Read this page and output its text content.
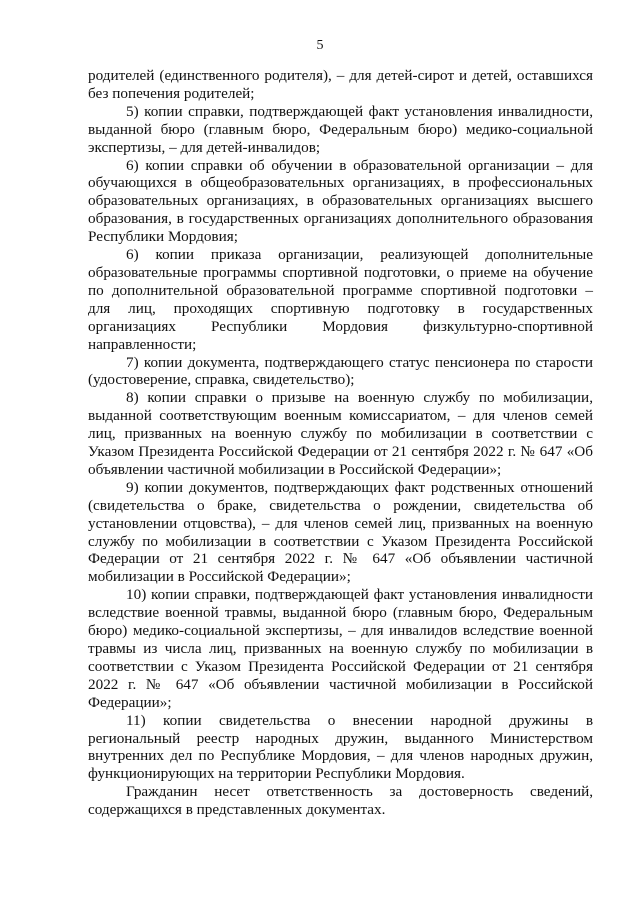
5

родителей (единственного родителя), – для детей-сирот и детей, оставшихся без попечения родителей;

5) копии справки, подтверждающей факт установления инвалидности, выданной бюро (главным бюро, Федеральным бюро) медико-социальной экспертизы, – для детей-инвалидов;

6) копии справки об обучении в образовательной организации – для обучающихся в общеобразовательных организациях, в профессиональных образовательных организациях, в образовательных организациях высшего образования, в государственных организациях дополнительного образования Республики Мордовия;

6) копии приказа организации, реализующей дополнительные образовательные программы спортивной подготовки, о приеме на обучение по дополнительной образовательной программе спортивной подготовки – для лиц, проходящих спортивную подготовку в государственных организациях Республики Мордовия физкультурно-спортивной направленности;

7) копии документа, подтверждающего статус пенсионера по старости (удостоверение, справка, свидетельство);

8) копии справки о призыве на военную службу по мобилизации, выданной соответствующим военным комиссариатом, – для членов семей лиц, призванных на военную службу по мобилизации в соответствии с Указом Президента Российской Федерации от 21 сентября 2022 г. № 647 «Об объявлении частичной мобилизации в Российской Федерации»;

9) копии документов, подтверждающих факт родственных отношений (свидетельства о браке, свидетельства о рождении, свидетельства об установлении отцовства), – для членов семей лиц, призванных на военную службу по мобилизации в соответствии с Указом Президента Российской Федерации от 21 сентября 2022 г. № 647 «Об объявлении частичной мобилизации в Российской Федерации»;

10) копии справки, подтверждающей факт установления инвалидности вследствие военной травмы, выданной бюро (главным бюро, Федеральным бюро) медико-социальной экспертизы, – для инвалидов вследствие военной травмы из числа лиц, призванных на военную службу по мобилизации в соответствии с Указом Президента Российской Федерации от 21 сентября 2022 г. № 647 «Об объявлении частичной мобилизации в Российской Федерации»;

11) копии свидетельства о внесении народной дружины в региональный реестр народных дружин, выданного Министерством внутренних дел по Республике Мордовия, – для членов народных дружин, функционирующих на территории Республики Мордовия.

Гражданин несет ответственность за достоверность сведений, содержащихся в представленных документах.
